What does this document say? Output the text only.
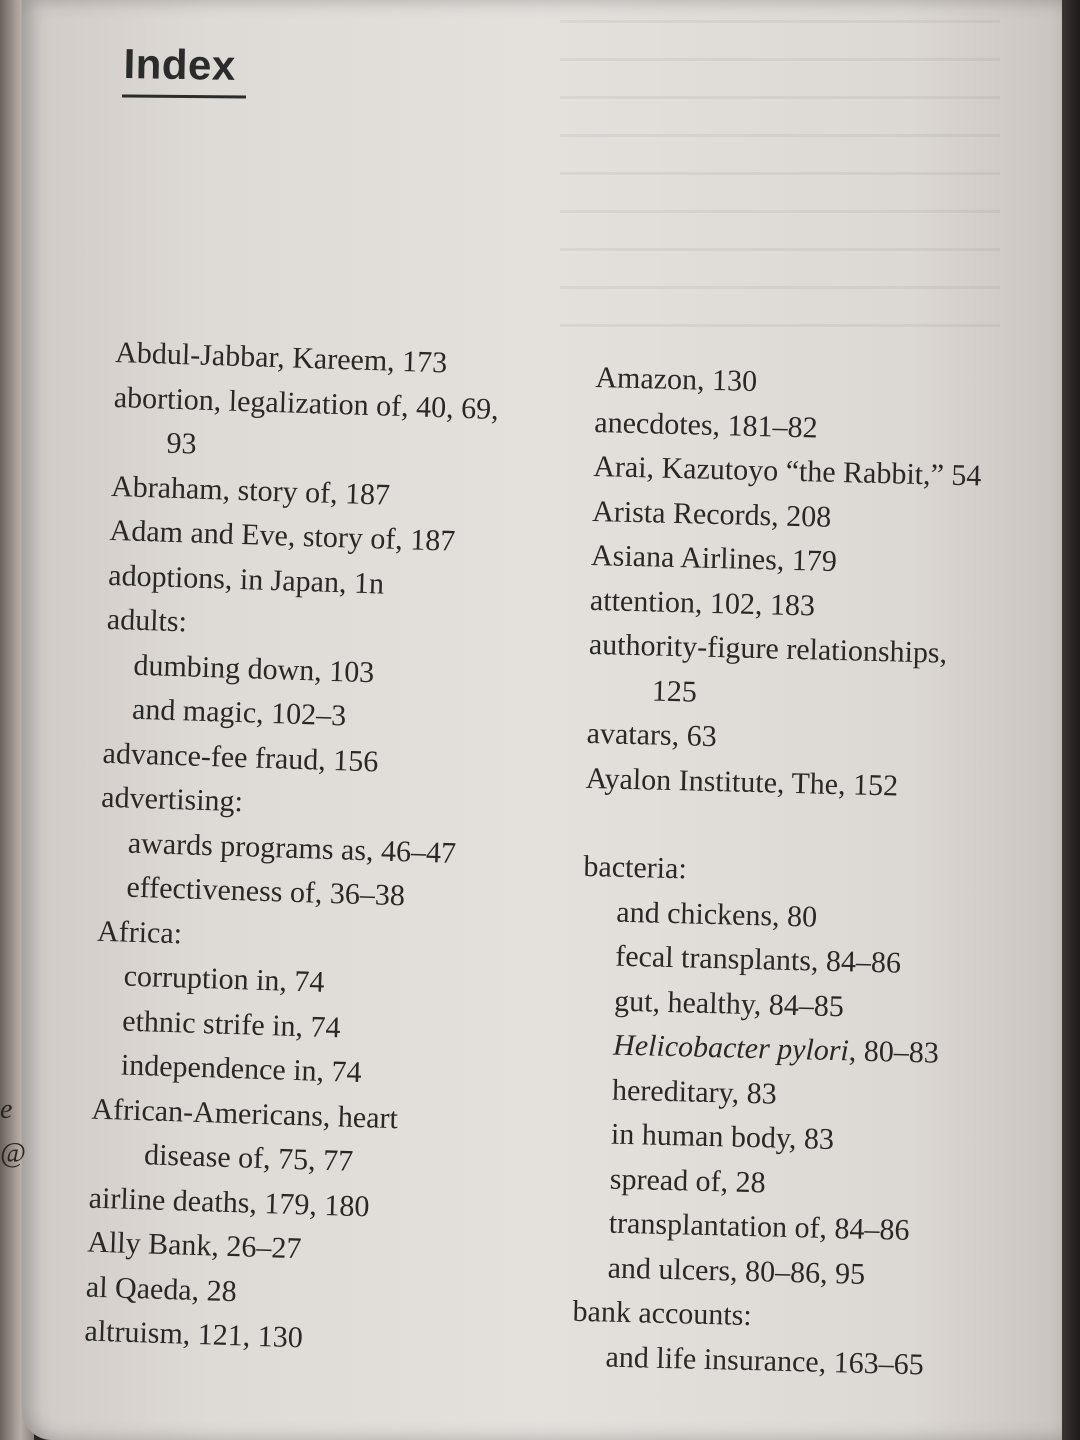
e
@
Index
Abdul-Jabbar, Kareem, 173
abortion, legalization of, 40, 69,
93
Abraham, story of, 187
Adam and Eve, story of, 187
adoptions, in Japan, 1n
adults:
dumbing down, 103
and magic, 102–3
advance-fee fraud, 156
advertising:
awards programs as, 46–47
effectiveness of, 36–38
Africa:
corruption in, 74
ethnic strife in, 74
independence in, 74
African-Americans, heart
disease of, 75, 77
airline deaths, 179, 180
Ally Bank, 26–27
al Qaeda, 28
altruism, 121, 130
Amazon, 130
anecdotes, 181–82
Arai, Kazutoyo “the Rabbit,” 54
Arista Records, 208
Asiana Airlines, 179
attention, 102, 183
authority-figure relationships,
125
avatars, 63
Ayalon Institute, The, 152
bacteria:
and chickens, 80
fecal transplants, 84–86
gut, healthy, 84–85
Helicobacter pylori, 80–83
hereditary, 83
in human body, 83
spread of, 28
transplantation of, 84–86
and ulcers, 80–86, 95
bank accounts:
and life insurance, 163–65
